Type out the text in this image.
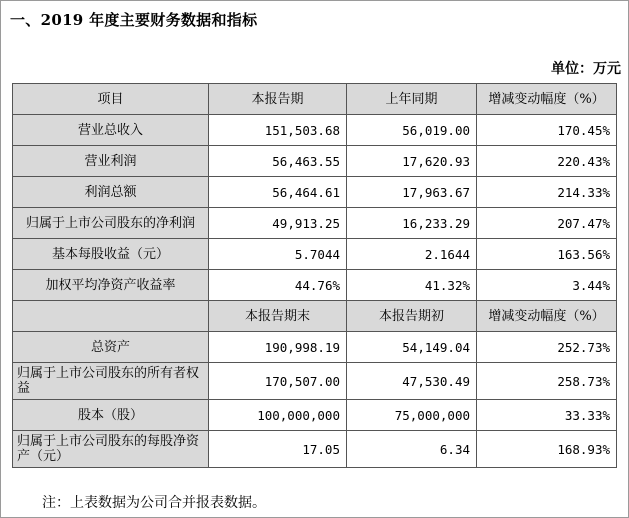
一、2019 年度主要财务数据和指标
单位：万元
项目	本报告期	上年同期	增减变动幅度（%）
营业总收入	151,503.68	56,019.00	170.45%
营业利润	56,463.55	17,620.93	220.43%
利润总额	56,464.61	17,963.67	214.33%
归属于上市公司股东的净利润	49,913.25	16,233.29	207.47%
基本每股收益（元）	5.7044	2.1644	163.56%
加权平均净资产收益率	44.76%	41.32%	3.44%
	本报告期末	本报告期初	增减变动幅度（%）
总资产	190,998.19	54,149.04	252.73%
归属于上市公司股东的所有者权益	170,507.00	47,530.49	258.73%
股本（股）	100,000,000	75,000,000	33.33%
归属于上市公司股东的每股净资产（元）	17.05	6.34	168.93%
注：上表数据为公司合并报表数据。
